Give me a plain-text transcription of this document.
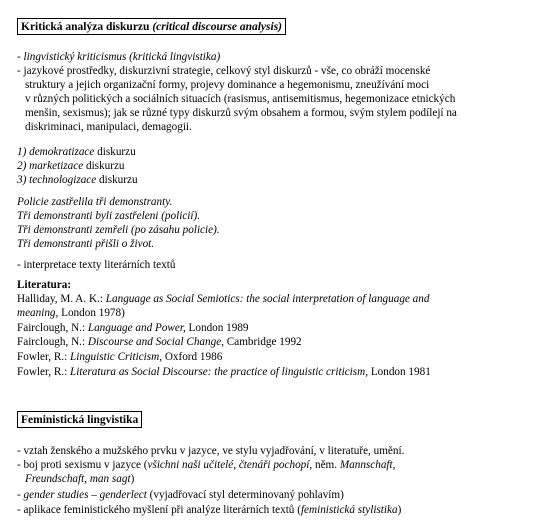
Kritická analýza diskurzu (critical discourse analysis)
- lingvistický kriticismus (kritická lingvistika)
- jazykové prostředky, diskurzivní strategie, celkový styl diskurzů - vše, co obráží mocenské
struktury a jejich organizační formy, projevy dominance a hegemonismu, zneužívání moci
v různých politických a sociálních situacích (rasismus, antisemitismus, hegemonizace etnických
menšin, sexismus); jak se různé typy diskurzů svým obsahem a formou, svým stylem podílejí na
diskriminaci, manipulaci, demagogii.
1) demokratizace diskurzu
2) marketizace diskurzu
3) technologizace diskurzu
Policie zastřelila tři demonstranty.
Tři demonstranti byli zastřeleni (policií).
Tři demonstranti zemřeli (po zásahu policie).
Tři demonstranti přišli o život.
- interpretace texty literárních textů
Literatura:
Halliday, M. A. K.: Language as Social Semiotics: the social interpretation of language and
meaning, London 1978)
Fairclough, N.: Language and Power, London 1989
Fairclough, N.: Discourse and Social Change, Cambridge 1992
Fowler, R.: Linguistic Criticism, Oxford 1986
Fowler, R.: Literatura as Social Discourse: the practice of linguistic criticism, London 1981
Feministická lingvistika
- vztah ženského a mužského prvku v jazyce, ve stylu vyjadřování, v literatuře, umění.
- boj proti sexismu v jazyce (všichni naši učitelé, čtenáři pochopí, něm. Mannschaft,
Freundschaft, man sagt)
- gender studies – genderlect (vyjadřovací styl determinovaný pohlavím)
- aplikace feministického myšlení při analýze literárních textů (feministická stylistika)
